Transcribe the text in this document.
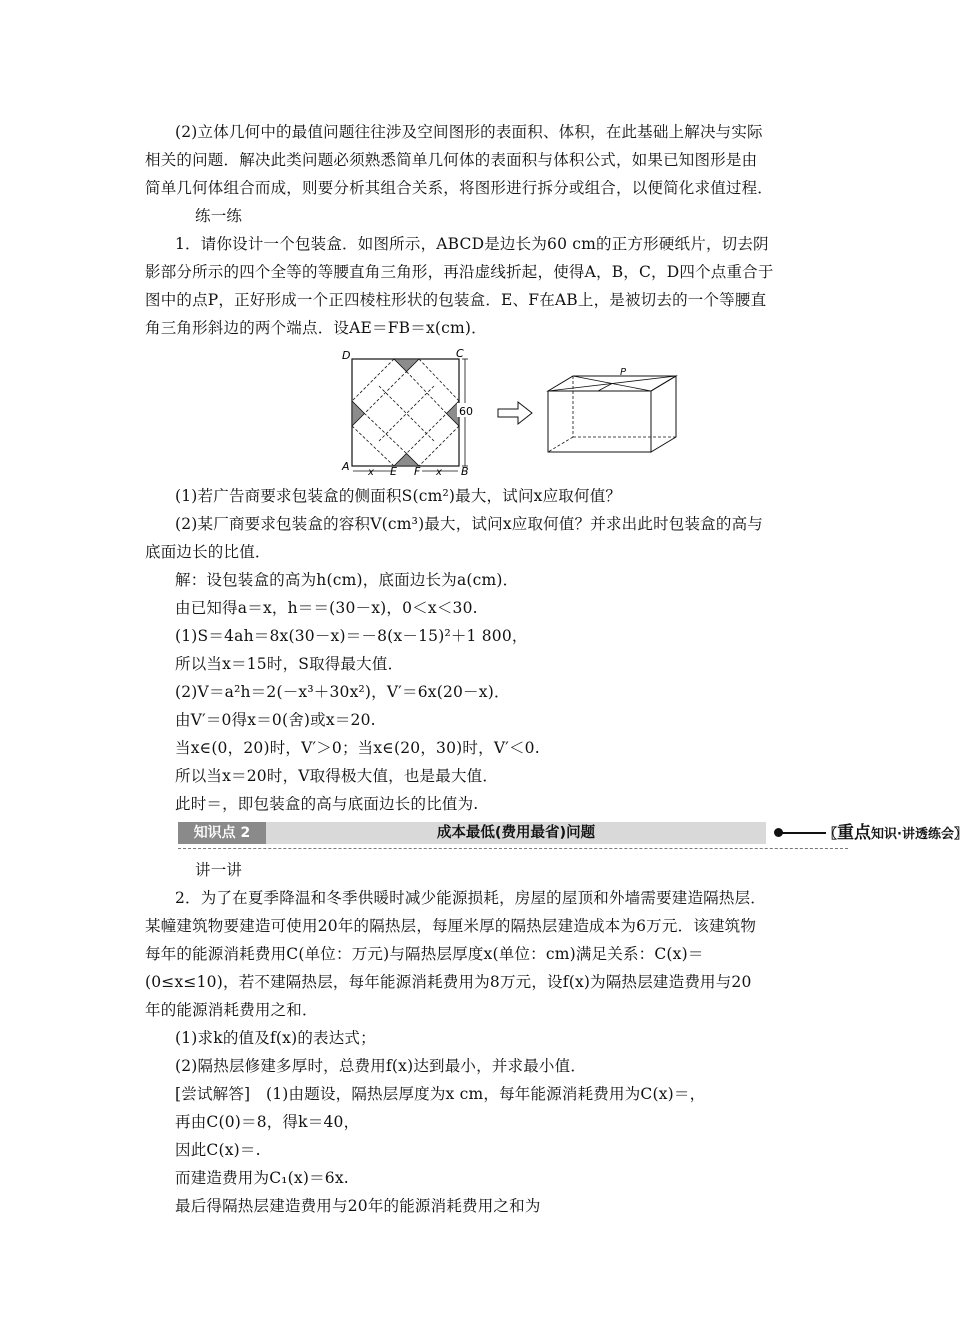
(2)立体几何中的最值问题往往涉及空间图形的表面积、体积，在此基础上解决与实际
相关的问题．解决此类问题必须熟悉简单几何体的表面积与体积公式，如果已知图形是由
简单几何体组合而成，则要分析其组合关系，将图形进行拆分或组合，以便简化求值过程．
练一练
1．请你设计一个包装盒．如图所示，ABCD是边长为60 cm的正方形硬纸片，切去阴
影部分所示的四个全等的等腰直角三角形，再沿虚线折起，使得A，B，C，D四个点重合于
图中的点P，正好形成一个正四棱柱形状的包装盒．E、F在AB上，是被切去的一个等腰直
角三角形斜边的两个端点．设AE＝FB＝x(cm)．
60
D	C
A	B
E F
x	x
P
(1)若广告商要求包装盒的侧面积S(cm²)最大，试问x应取何值？
(2)某厂商要求包装盒的容积V(cm³)最大，试问x应取何值？并求出此时包装盒的高与
底面边长的比值．
解：设包装盒的高为h(cm)，底面边长为a(cm)．
由已知得a＝x，h＝＝(30－x)，0＜x＜30.
(1)S＝4ah＝8x(30－x)＝－8(x－15)²＋1 800，
所以当x＝15时，S取得最大值．
(2)V＝a²h＝2(－x³＋30x²)，V′＝6x(20－x)．
由V′＝0得x＝0(舍)或x＝20.
当x∈(0，20)时，V′＞0；当x∈(20，30)时，V′＜0.
所以当x＝20时，V取得极大值，也是最大值．
此时＝，即包装盒的高与底面边长的比值为.
知识点 2	成本最低(费用最省)问题	〖重点知识·讲透练会〗
讲一讲
2．为了在夏季降温和冬季供暖时减少能源损耗，房屋的屋顶和外墙需要建造隔热层．
某幢建筑物要建造可使用20年的隔热层，每厘米厚的隔热层建造成本为6万元．该建筑物
每年的能源消耗费用C(单位：万元)与隔热层厚度x(单位：cm)满足关系：C(x)＝
(0≤x≤10)，若不建隔热层，每年能源消耗费用为8万元，设f(x)为隔热层建造费用与20
年的能源消耗费用之和．
(1)求k的值及f(x)的表达式；
(2)隔热层修建多厚时，总费用f(x)达到最小，并求最小值．
[尝试解答]　(1)由题设，隔热层厚度为x cm，每年能源消耗费用为C(x)＝，
再由C(0)＝8，得k＝40，
因此C(x)＝.
而建造费用为C₁(x)＝6x.
最后得隔热层建造费用与20年的能源消耗费用之和为
